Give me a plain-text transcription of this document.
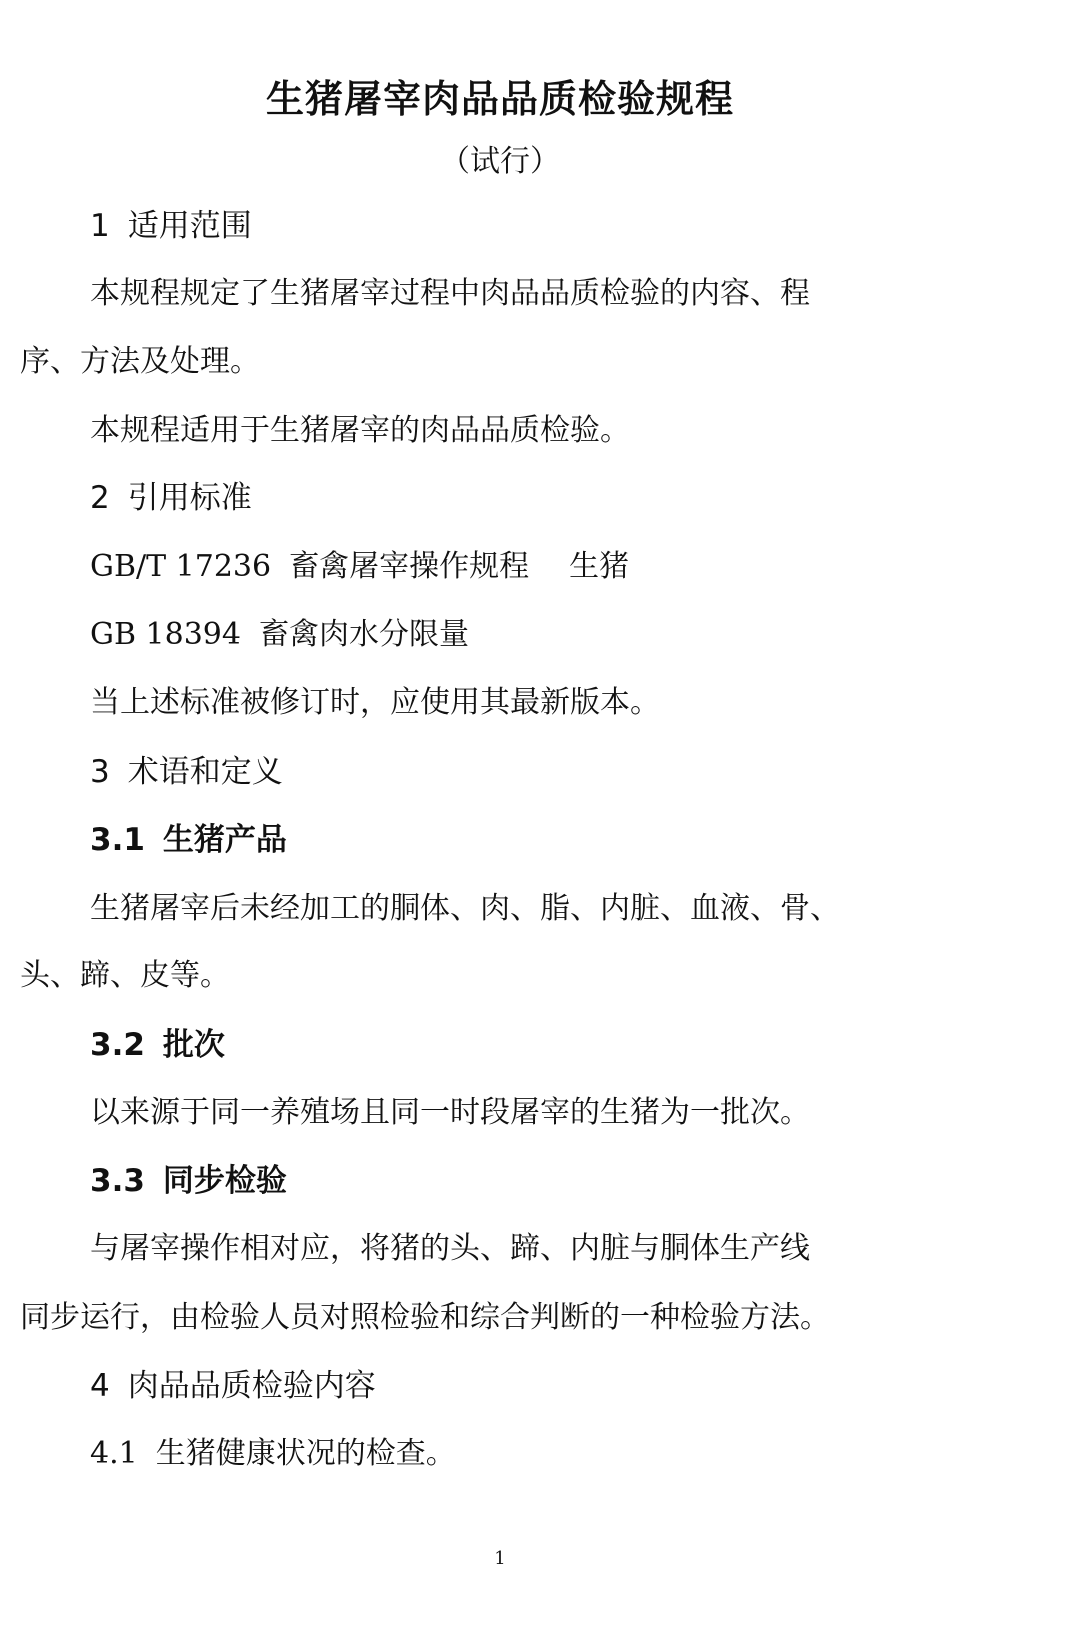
生猪屠宰肉品品质检验规程
（试行）
1 适用范围
本规程规定了生猪屠宰过程中肉品品质检验的内容、程
序、方法及处理。
本规程适用于生猪屠宰的肉品品质检验。
2 引用标准
GB/T 17236 畜禽屠宰操作规程 生猪
GB 18394 畜禽肉水分限量
当上述标准被修订时，应使用其最新版本。
3 术语和定义
3.1 生猪产品
生猪屠宰后未经加工的胴体、肉、脂、内脏、血液、骨、
头、蹄、皮等。
3.2 批次
以来源于同一养殖场且同一时段屠宰的生猪为一批次。
3.3 同步检验
与屠宰操作相对应，将猪的头、蹄、内脏与胴体生产线
同步运行，由检验人员对照检验和综合判断的一种检验方法。
4 肉品品质检验内容
4.1 生猪健康状况的检查。
1
